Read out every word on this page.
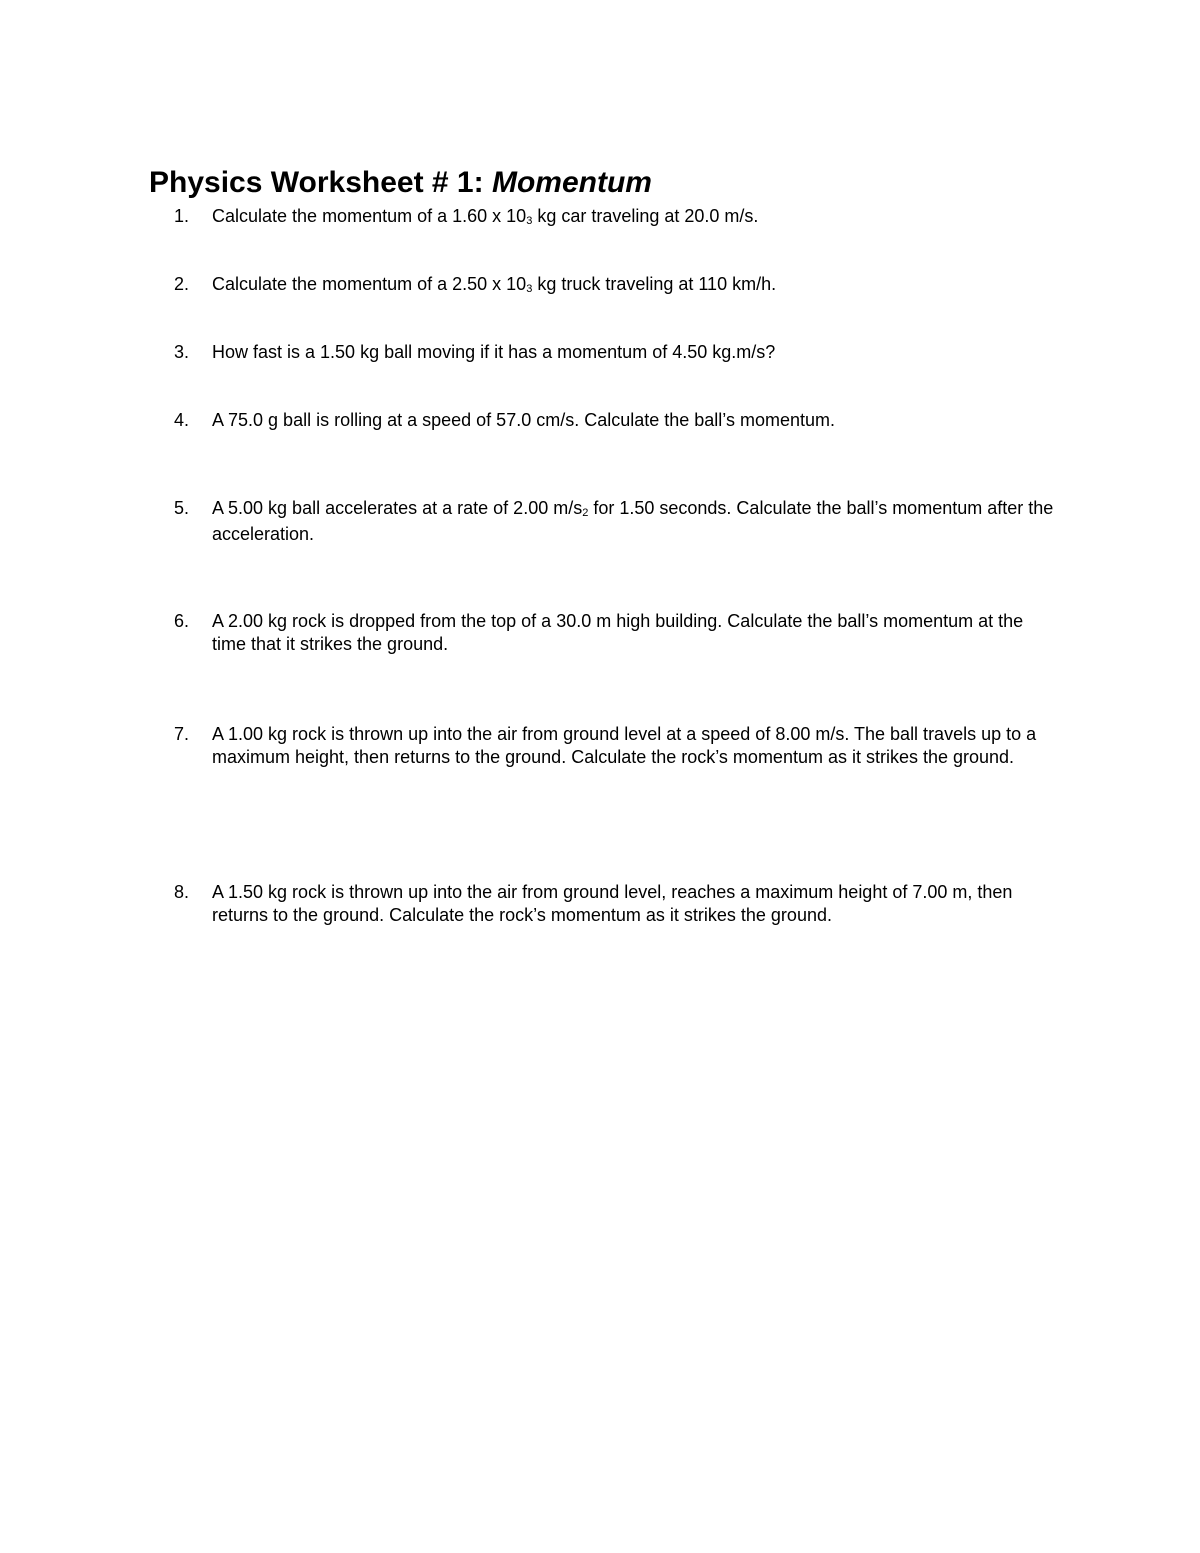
Physics Worksheet # 1: Momentum
1. Calculate the momentum of a 1.60 x $10_3$ kg car traveling at 20.0 m/s.
2. Calculate the momentum of a 2.50 x $10_3$ kg truck traveling at 110 km/h.
3. How fast is a 1.50 kg ball moving if it has a momentum of 4.50 kg.m/s?
4. A 75.0 g ball is rolling at a speed of 57.0 cm/s. Calculate the ball’s momentum.
5. A 5.00 kg ball accelerates at a rate of 2.00 $m/s_2$ for 1.50 seconds. Calculate the ball’s momentum after the acceleration.
6. A 2.00 kg rock is dropped from the top of a 30.0 m high building. Calculate the ball’s momentum at the time that it strikes the ground.
7. A 1.00 kg rock is thrown up into the air from ground level at a speed of 8.00 m/s. The ball travels up to a maximum height, then returns to the ground. Calculate the rock’s momentum as it strikes the ground.
8. A 1.50 kg rock is thrown up into the air from ground level, reaches a maximum height of 7.00 m, then returns to the ground. Calculate the rock’s momentum as it strikes the ground.
